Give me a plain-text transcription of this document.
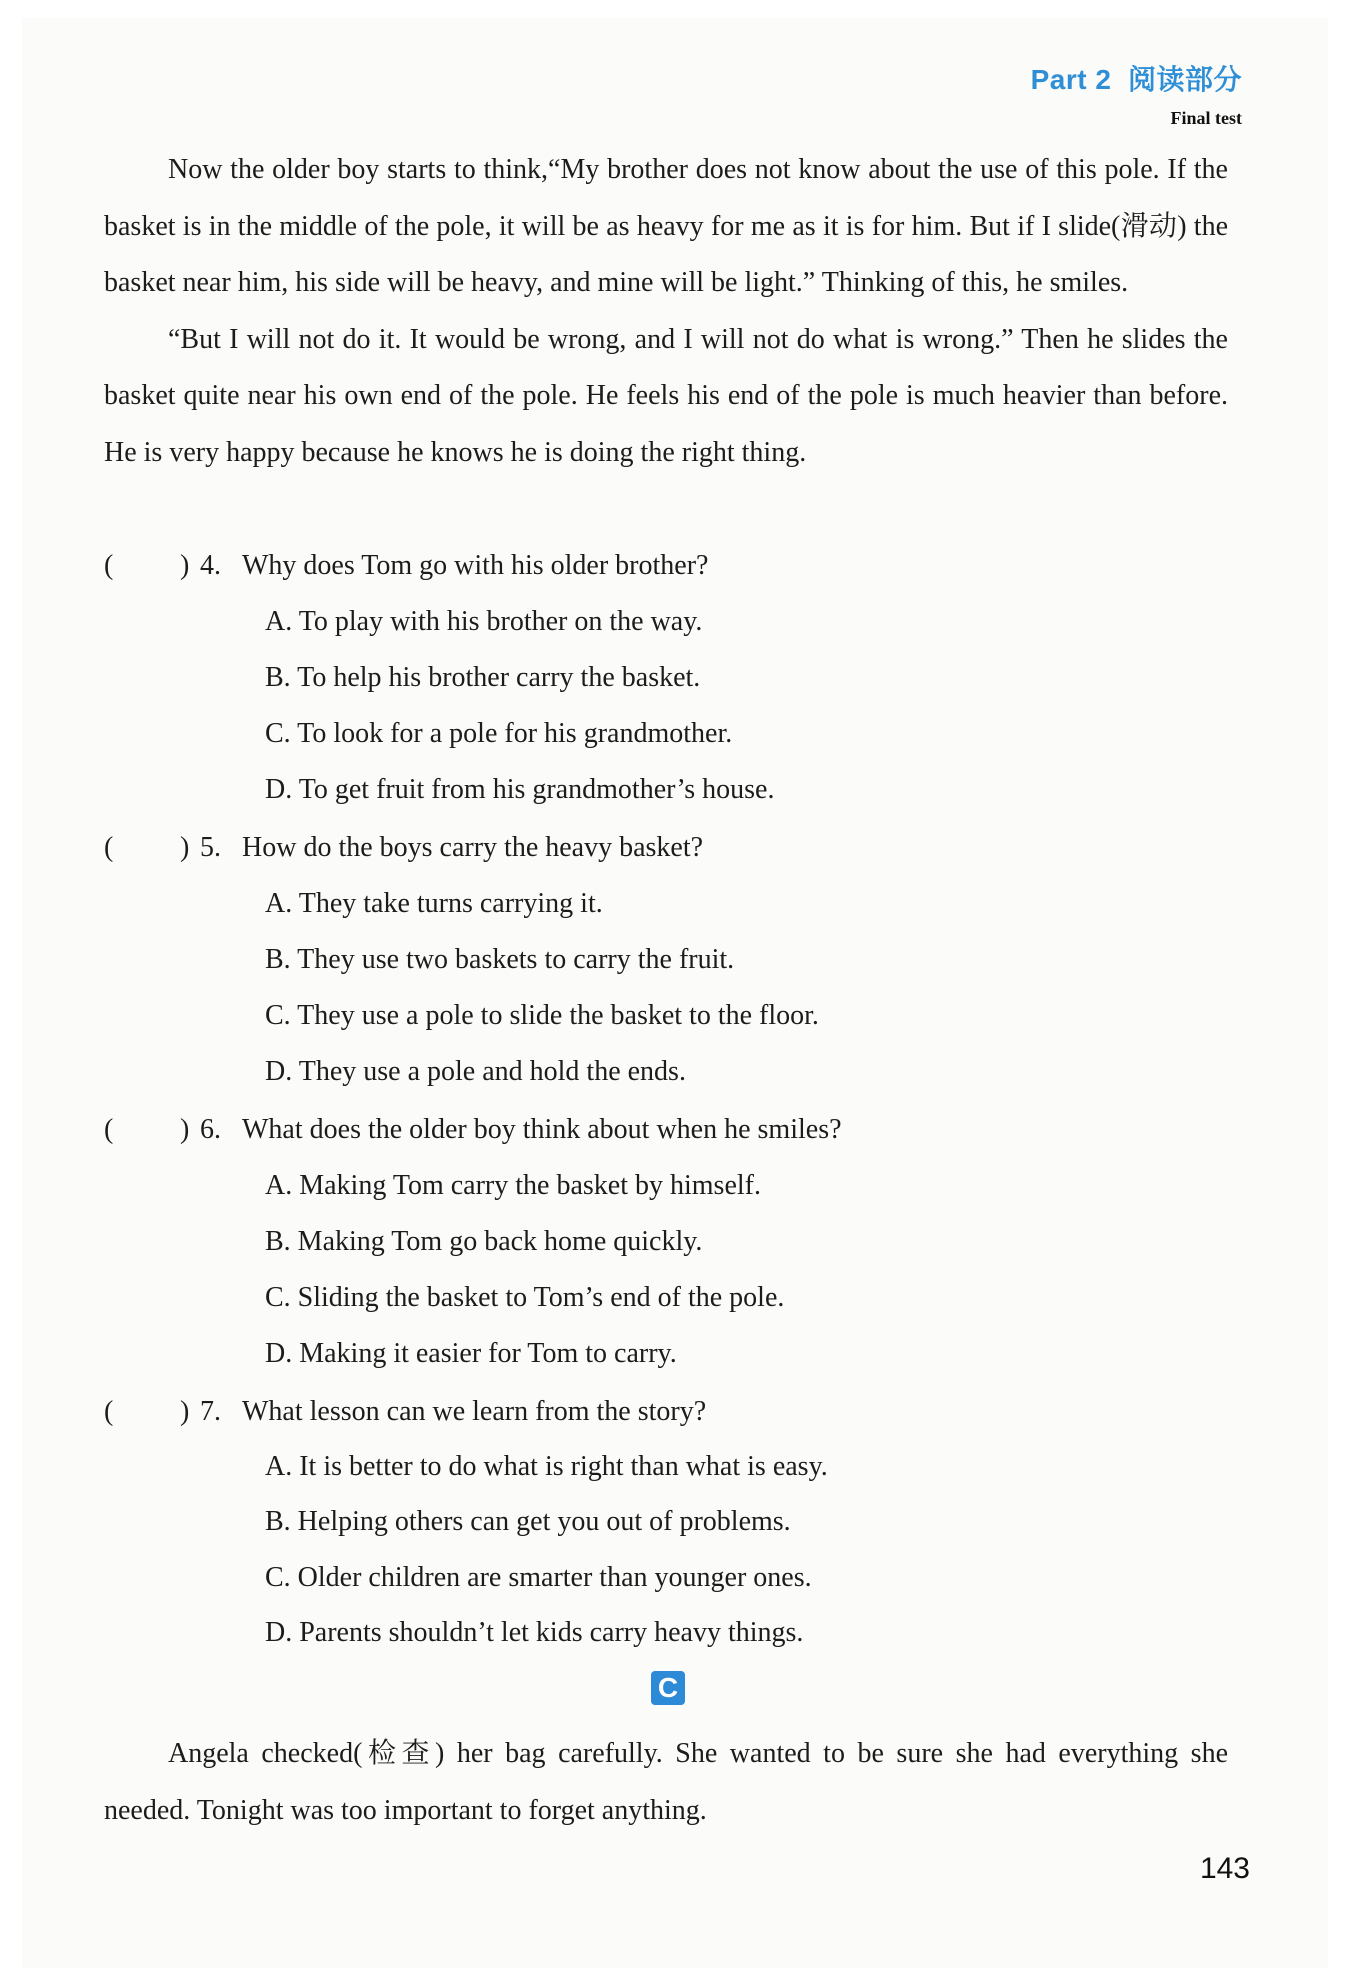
Part 2 阅读部分
Final test
Now the older boy starts to think,“My brother does not know about the use of this pole. If the basket is in the middle of the pole, it will be as heavy for me as it is for him. But if I slide(滑动) the basket near him, his side will be heavy, and mine will be light.” Thinking of this, he smiles.
“But I will not do it. It would be wrong, and I will not do what is wrong.” Then he slides the basket quite near his own end of the pole. He feels his end of the pole is much heavier than before. He is very happy because he knows he is doing the right thing.
( ) 4. Why does Tom go with his older brother?
A. To play with his brother on the way.
B. To help his brother carry the basket.
C. To look for a pole for his grandmother.
D. To get fruit from his grandmother’s house.
( ) 5. How do the boys carry the heavy basket?
A. They take turns carrying it.
B. They use two baskets to carry the fruit.
C. They use a pole to slide the basket to the floor.
D. They use a pole and hold the ends.
( ) 6. What does the older boy think about when he smiles?
A. Making Tom carry the basket by himself.
B. Making Tom go back home quickly.
C. Sliding the basket to Tom’s end of the pole.
D. Making it easier for Tom to carry.
( ) 7. What lesson can we learn from the story?
A. It is better to do what is right than what is easy.
B. Helping others can get you out of problems.
C. Older children are smarter than younger ones.
D. Parents shouldn’t let kids carry heavy things.
C
Angela checked(检查) her bag carefully. She wanted to be sure she had everything she needed. Tonight was too important to forget anything.
143
